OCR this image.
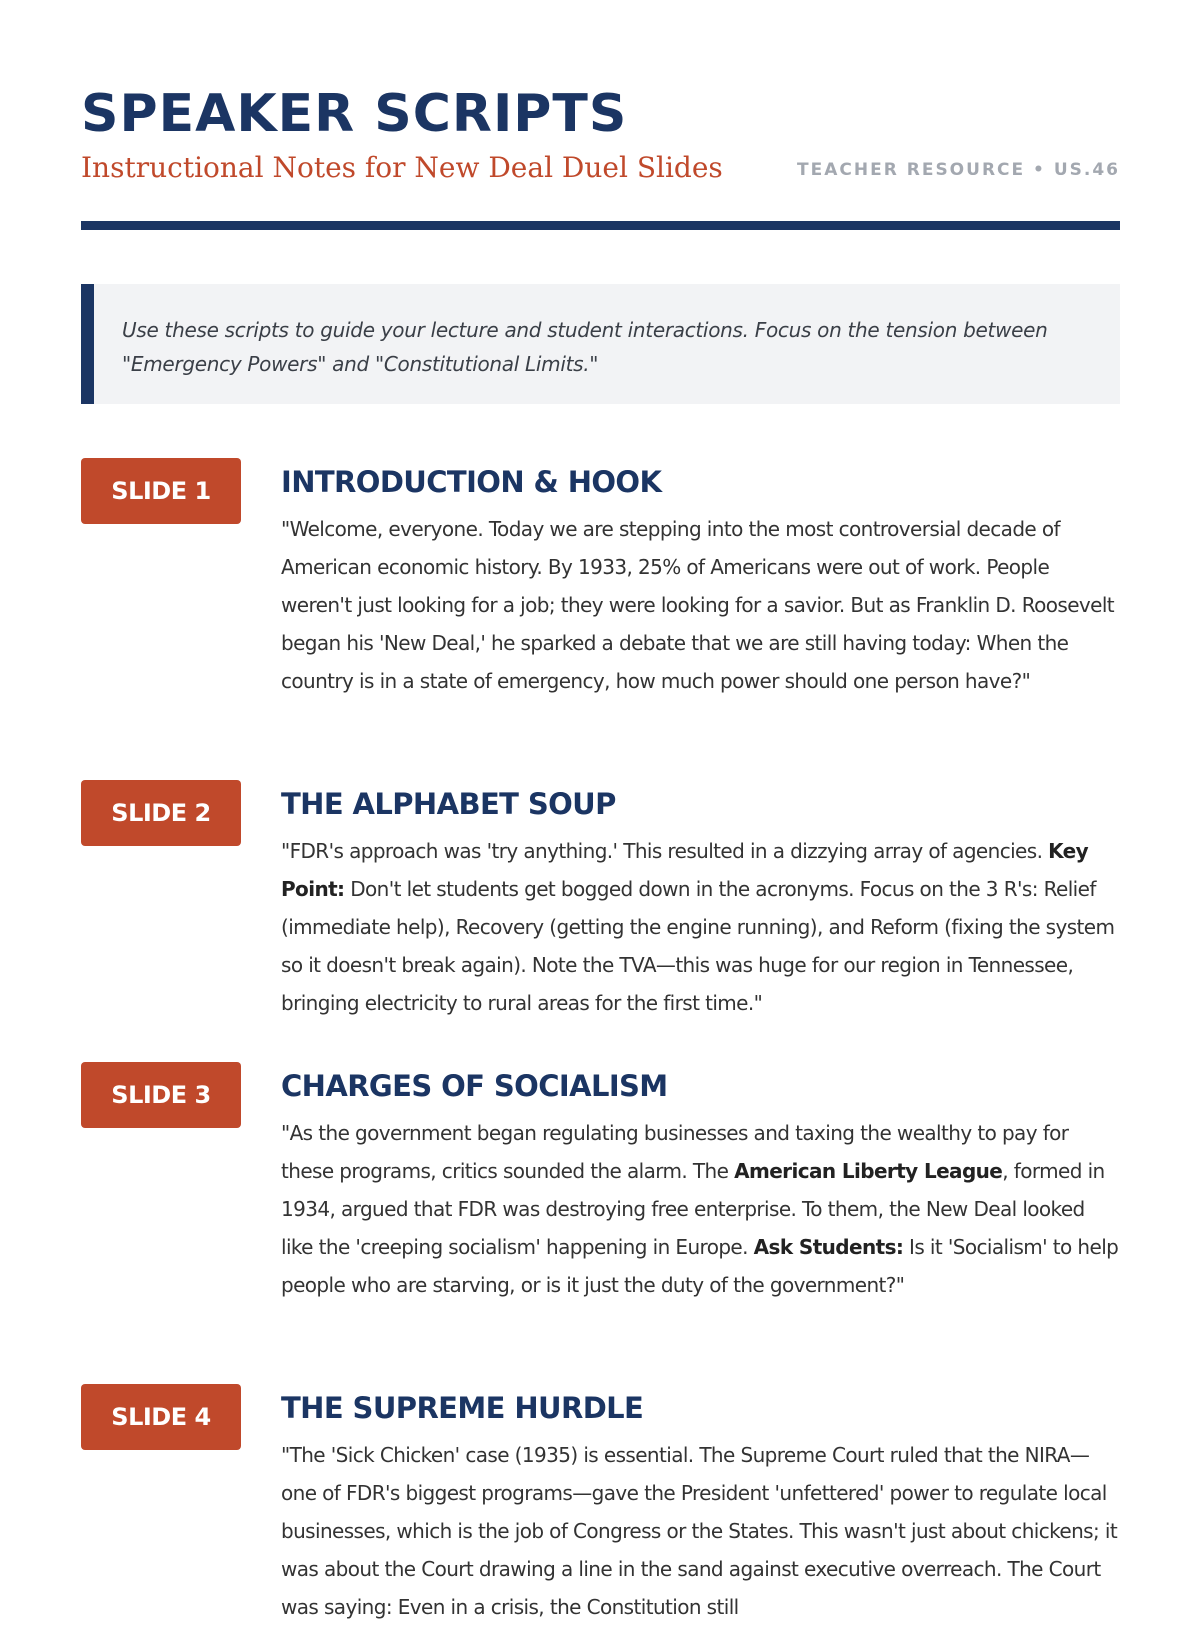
SPEAKER SCRIPTS
Instructional Notes for New Deal Duel Slides	TEACHER RESOURCE • US.46

Use these scripts to guide your lecture and student interactions. Focus on the tension between "Emergency Powers" and "Constitutional Limits."

SLIDE 1	INTRODUCTION & HOOK

"Welcome, everyone. Today we are stepping into the most controversial decade of American economic history. By 1933, 25% of Americans were out of work. People weren't just looking for a job; they were looking for a savior. But as Franklin D. Roosevelt began his 'New Deal,' he sparked a debate that we are still having today: When the country is in a state of emergency, how much power should one person have?"

SLIDE 2	THE ALPHABET SOUP

"FDR's approach was 'try anything.' This resulted in a dizzying array of agencies. Key Point: Don't let students get bogged down in the acronyms. Focus on the 3 R's: Relief (immediate help), Recovery (getting the engine running), and Reform (fixing the system so it doesn't break again). Note the TVA—this was huge for our region in Tennessee, bringing electricity to rural areas for the first time."

SLIDE 3	CHARGES OF SOCIALISM

"As the government began regulating businesses and taxing the wealthy to pay for these programs, critics sounded the alarm. The American Liberty League, formed in 1934, argued that FDR was destroying free enterprise. To them, the New Deal looked like the 'creeping socialism' happening in Europe. Ask Students: Is it 'Socialism' to help people who are starving, or is it just the duty of the government?"

SLIDE 4	THE SUPREME HURDLE

"The 'Sick Chicken' case (1935) is essential. The Supreme Court ruled that the NIRA—one of FDR's biggest programs—gave the President 'unfettered' power to regulate local businesses, which is the job of Congress or the States. This wasn't just about chickens; it was about the Court drawing a line in the sand against executive overreach. The Court was saying: Even in a crisis, the Constitution still
